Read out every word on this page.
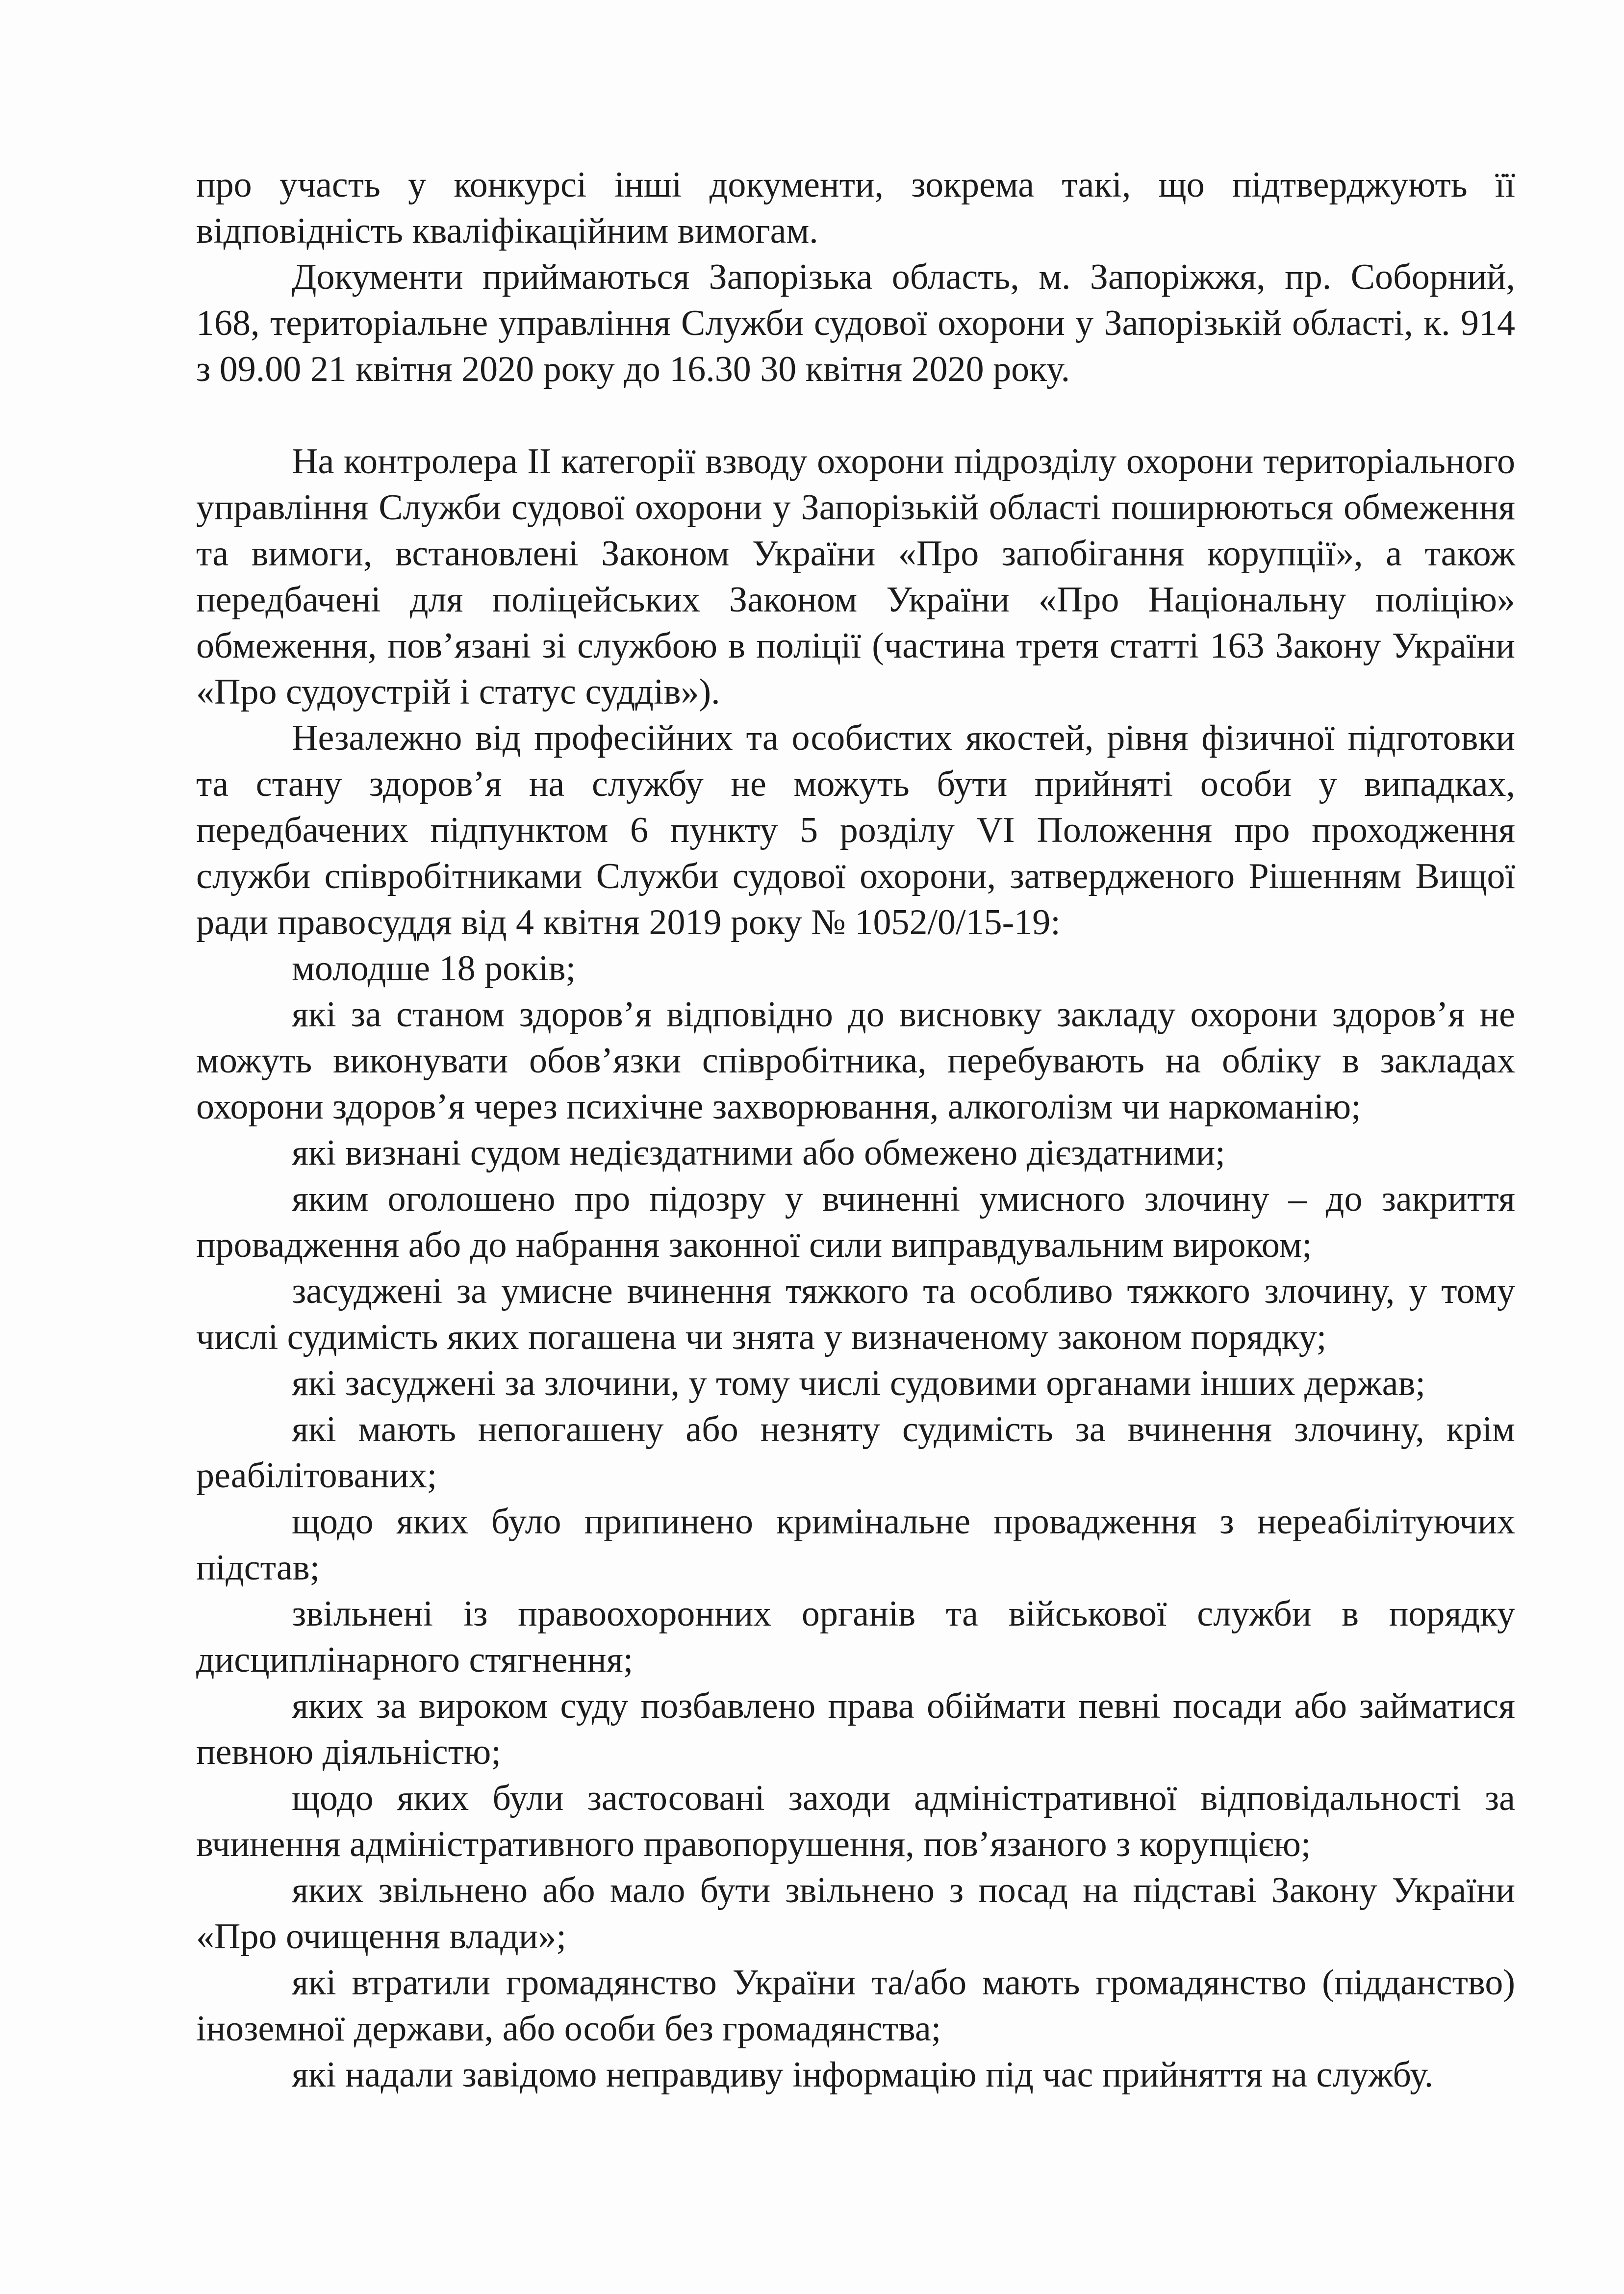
про участь у конкурсі інші документи, зокрема такі, що підтверджують її відповідність кваліфікаційним вимогам.

Документи приймаються Запорізька область, м. Запоріжжя, пр. Соборний, 168, територіальне управління Служби судової охорони у Запорізькій області, к. 914 з 09.00 21 квітня 2020 року до 16.30 30 квітня 2020 року.

На контролера ІІ категорії взводу охорони підрозділу охорони територіального управління Служби судової охорони у Запорізькій області поширюються обмеження та вимоги, встановлені Законом України «Про запобігання корупції», а також передбачені для поліцейських Законом України «Про Національну поліцію» обмеження, пов’язані зі службою в поліції (частина третя статті 163 Закону України «Про судоустрій і статус суддів»).

Незалежно від професійних та особистих якостей, рівня фізичної підготовки та стану здоров’я на службу не можуть бути прийняті особи у випадках, передбачених підпунктом 6 пункту 5 розділу VI Положення про проходження служби співробітниками Служби судової охорони, затвердженого Рішенням Вищої ради правосуддя від 4 квітня 2019 року № 1052/0/15-19:

молодше 18 років;

які за станом здоров’я відповідно до висновку закладу охорони здоров’я не можуть виконувати обов’язки співробітника, перебувають на обліку в закладах охорони здоров’я через психічне захворювання, алкоголізм чи наркоманію;

які визнані судом недієздатними або обмежено дієздатними;

яким оголошено про підозру у вчиненні умисного злочину – до закриття провадження або до набрання законної сили виправдувальним вироком;

засуджені за умисне вчинення тяжкого та особливо тяжкого злочину, у тому числі судимість яких погашена чи знята у визначеному законом порядку;

які засуджені за злочини, у тому числі судовими органами інших держав;

які мають непогашену або незняту судимість за вчинення злочину, крім реабілітованих;

щодо яких було припинено кримінальне провадження з нереабілітуючих підстав;

звільнені із правоохоронних органів та військової служби в порядку дисциплінарного стягнення;

яких за вироком суду позбавлено права обіймати певні посади або займатися певною діяльністю;

щодо яких були застосовані заходи адміністративної відповідальності за вчинення адміністративного правопорушення, пов’язаного з корупцією;

яких звільнено або мало бути звільнено з посад на підставі Закону України «Про очищення влади»;

які втратили громадянство України та/або мають громадянство (підданство) іноземної держави, або особи без громадянства;

які надали завідомо неправдиву інформацію під час прийняття на службу.
